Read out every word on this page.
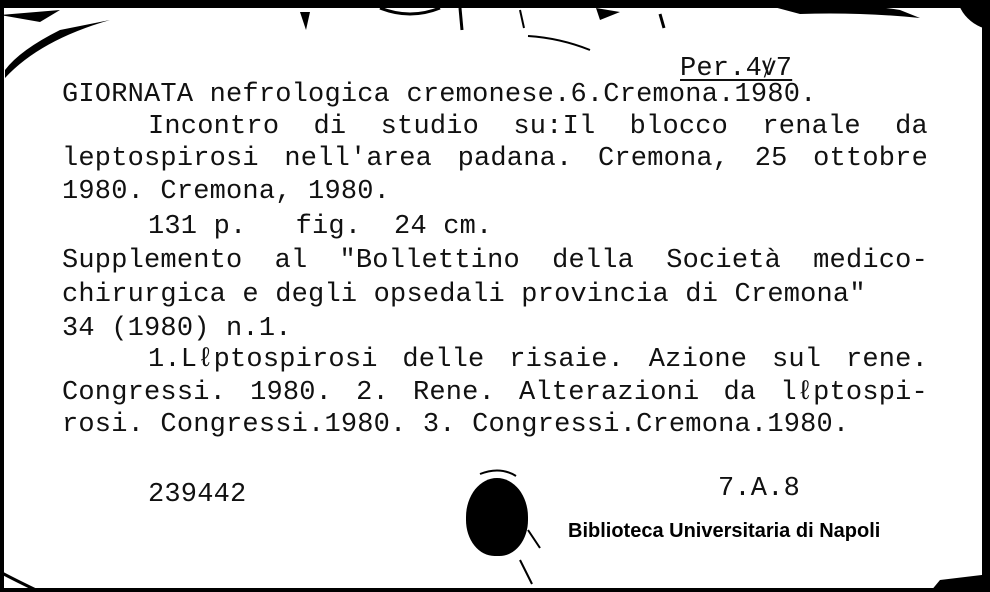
Per.4ꝟ7
GIORNATA nefrologica cremonese.6.Cremona.1980.
Incontro di studio su:Il blocco renale da
leptospirosi nell'area padana. Cremona, 25 ottobre
1980. Cremona, 1980.
131 p.   fig.  24 cm.
Supplemento al "Bollettino della Società medico-
chirurgica e degli opsedali provincia di Cremona"
34 (1980) n.1.
1.Lℓptospirosi delle risaie. Azione sul rene.
Congressi. 1980. 2. Rene. Alterazioni da lℓptospi-
rosi. Congressi.1980. 3. Congressi.Cremona.1980.
239442	7.A.8
Biblioteca Universitaria di Napoli
